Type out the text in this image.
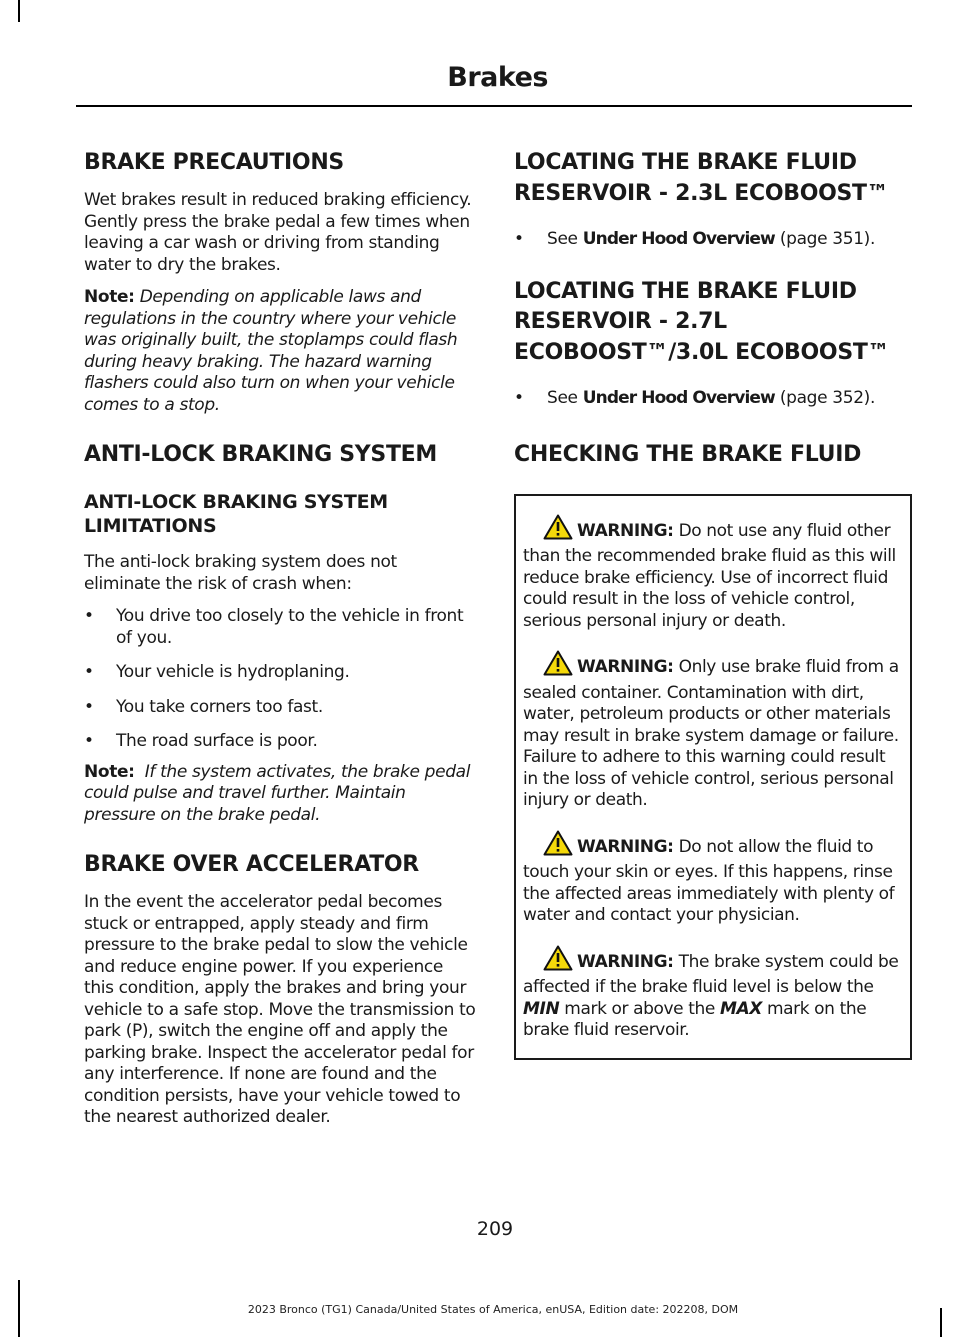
Brakes
BRAKE PRECAUTIONS

Wet brakes result in reduced braking efficiency. Gently press the brake pedal a few times when leaving a car wash or driving from standing water to dry the brakes.

Note: Depending on applicable laws and regulations in the country where your vehicle was originally built, the stoplamps could flash during heavy braking. The hazard warning flashers could also turn on when your vehicle comes to a stop.

ANTI-LOCK BRAKING SYSTEM
ANTI-LOCK BRAKING SYSTEM LIMITATIONS

The anti-lock braking system does not eliminate the risk of crash when:

• You drive too closely to the vehicle in front of you.
• Your vehicle is hydroplaning.
• You take corners too fast.
• The road surface is poor.

Note: If the system activates, the brake pedal could pulse and travel further. Maintain pressure on the brake pedal.

BRAKE OVER ACCELERATOR

In the event the accelerator pedal becomes stuck or entrapped, apply steady and firm pressure to the brake pedal to slow the vehicle and reduce engine power. If you experience this condition, apply the brakes and bring your vehicle to a safe stop. Move the transmission to park (P), switch the engine off and apply the parking brake. Inspect the accelerator pedal for any interference. If none are found and the condition persists, have your vehicle towed to the nearest authorized dealer.

LOCATING THE BRAKE FLUID RESERVOIR - 2.3L ECOBOOST™
• See Under Hood Overview (page 351).
LOCATING THE BRAKE FLUID RESERVOIR - 2.7L ECOBOOST™/3.0L ECOBOOST™
• See Under Hood Overview (page 352).
CHECKING THE BRAKE FLUID

WARNING: Do not use any fluid other than the recommended brake fluid as this will reduce brake efficiency. Use of incorrect fluid could result in the loss of vehicle control, serious personal injury or death.

WARNING: Only use brake fluid from a sealed container. Contamination with dirt, water, petroleum products or other materials may result in brake system damage or failure. Failure to adhere to this warning could result in the loss of vehicle control, serious personal injury or death.

WARNING: Do not allow the fluid to touch your skin or eyes. If this happens, rinse the affected areas immediately with plenty of water and contact your physician.

WARNING: The brake system could be affected if the brake fluid level is below the MIN mark or above the MAX mark on the brake fluid reservoir.

209
2023 Bronco (TG1) Canada/United States of America, enUSA, Edition date: 202208, DOM
